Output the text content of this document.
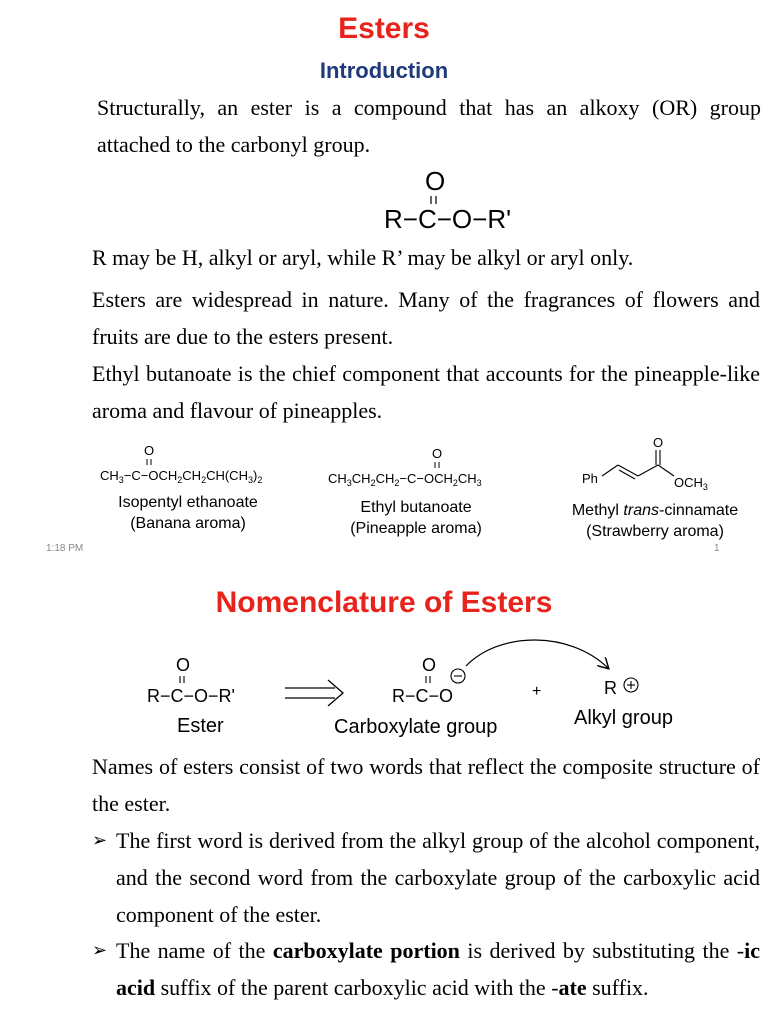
Esters
Introduction

Structurally, an ester is a compound that has an alkoxy (OR) group attached to the carbonyl group.

O
R−C−O−R'

R may be H, alkyl or aryl, while R’ may be alkyl or aryl only.

Esters are widespread in nature. Many of the fragrances of flowers and fruits are due to the esters present.

Ethyl butanoate is the chief component that accounts for the pineapple-like aroma and flavour of pineapples.

O
$CH_3-C-OCH_2CH_2CH(CH_3)_2$
O
$CH_3CH_2CH_2-C-OCH_2CH_3$	Ph
O
$OCH_3$
Isopentyl ethanoate
(Banana aroma)
Ethyl butanoate
(Pineapple aroma)
Methyl trans-cinnamate
(Strawberry aroma)
1:18 PM	1
Nomenclature of Esters
O
R−C−O−R'
O
R−C−O	+	R
Ester	Carboxylate group	Alkyl group

Names of esters consist of two words that reflect the composite structure of the ester.

➢ The first word is derived from the alkyl group of the alcohol component, and the second word from the carboxylate group of the carboxylic acid component of the ester.

➢ The name of the carboxylate portion is derived by substituting the -ic acid suffix of the parent carboxylic acid with the -ate suffix.
